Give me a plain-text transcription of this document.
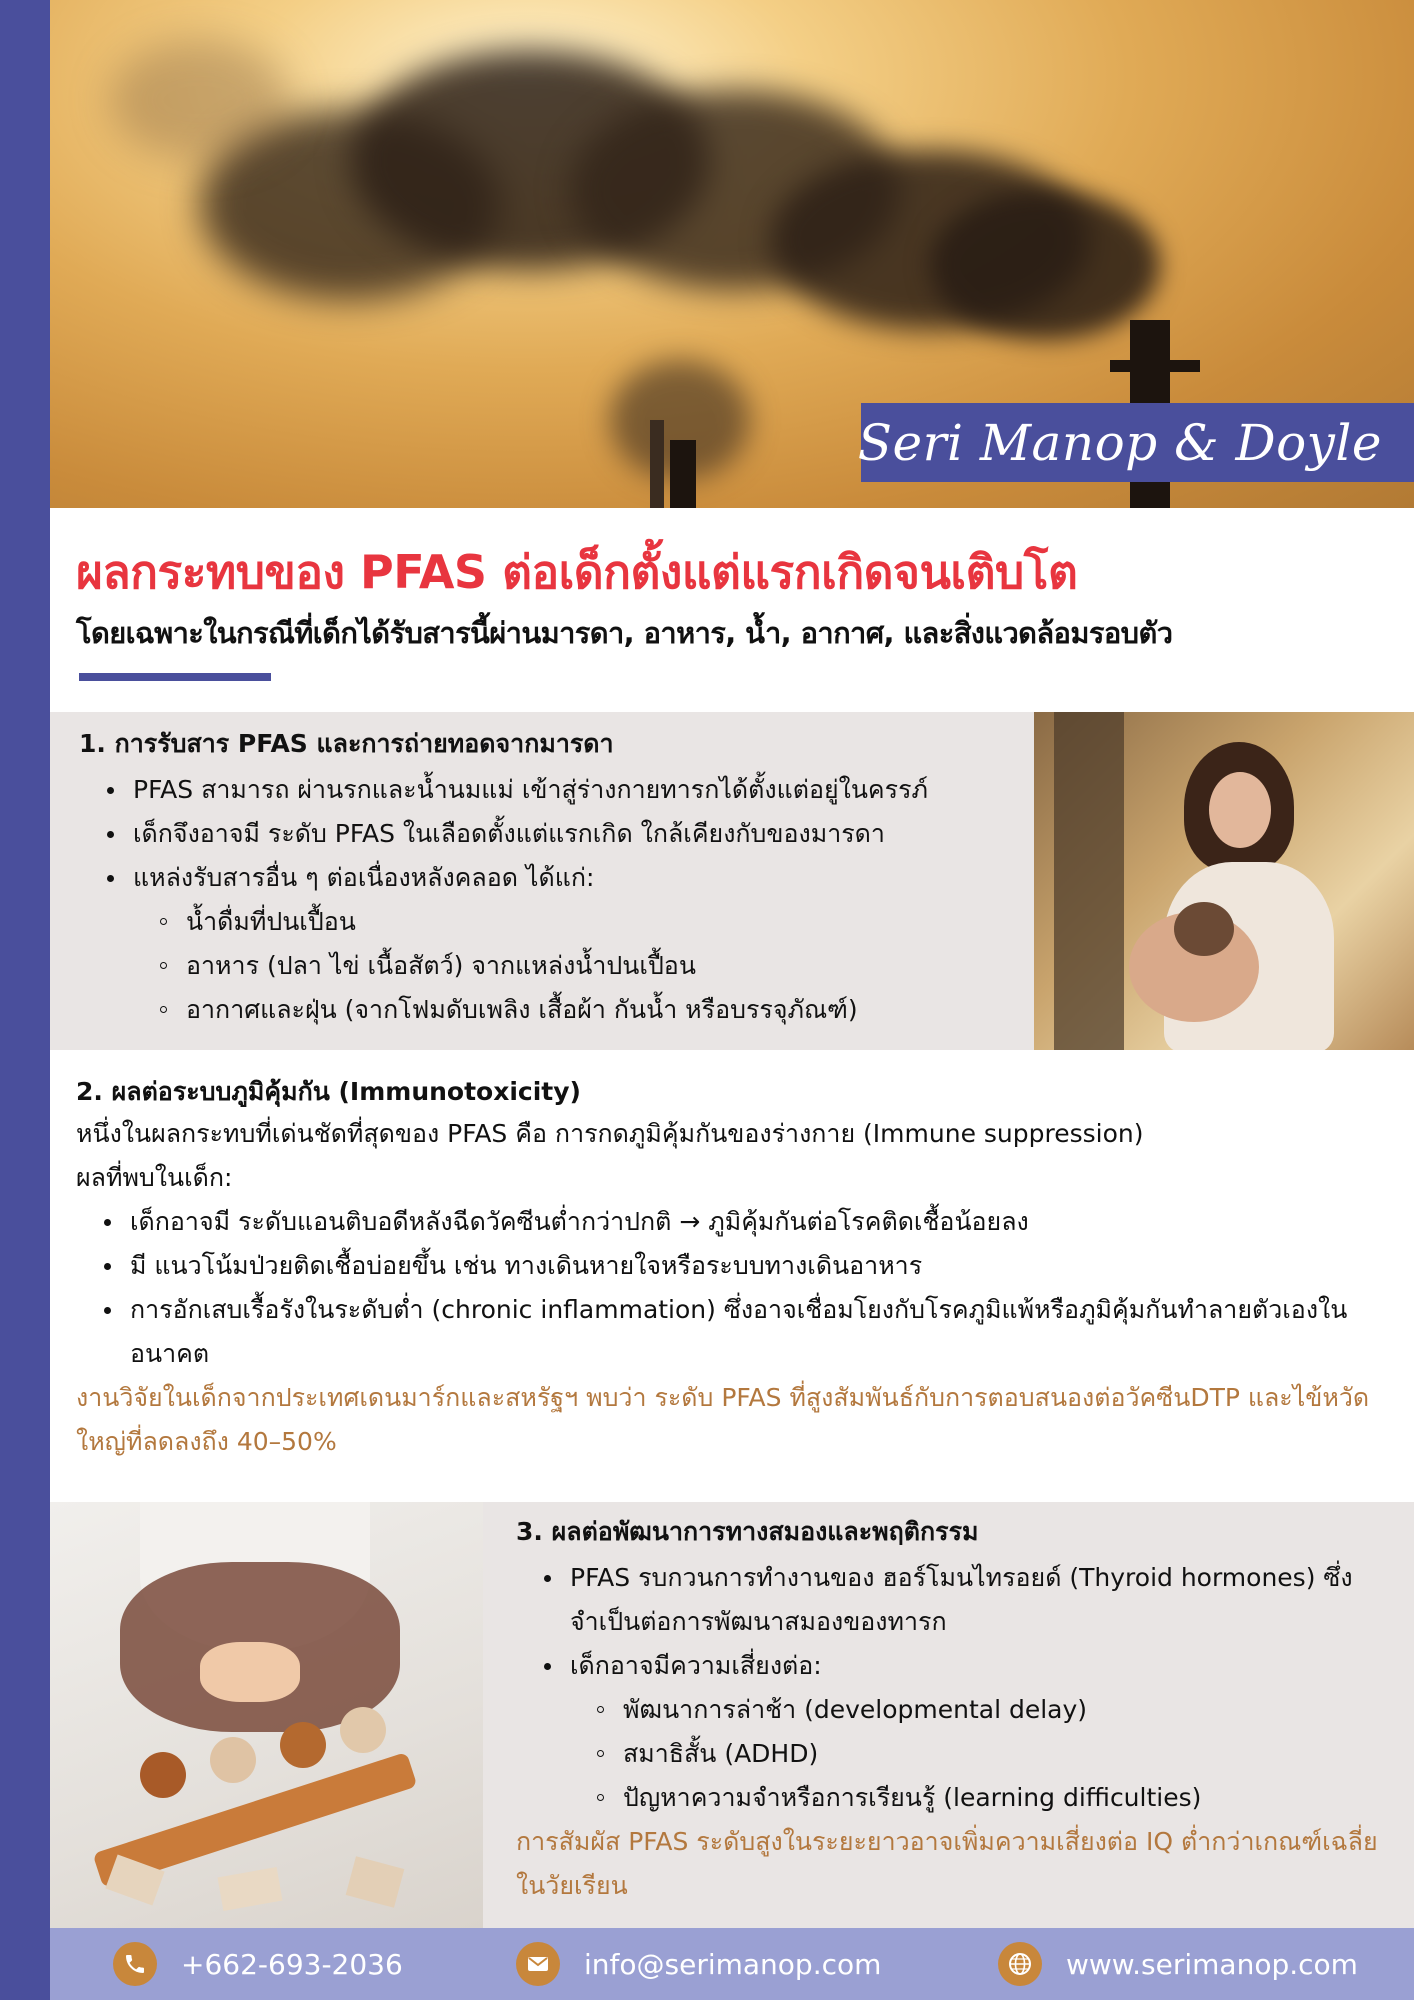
Seri Manop & Doyle
ผลกระทบของ PFAS ต่อเด็กตั้งแต่แรกเกิดจนเติบโต
โดยเฉพาะในกรณีที่เด็กได้รับสารนี้ผ่านมารดา, อาหาร, น้ำ, อากาศ, และสิ่งแวดล้อมรอบตัว

1. การรับสาร PFAS และการถ่ายทอดจากมารดา

PFAS สามารถ ผ่านรกและน้ำนมแม่ เข้าสู่ร่างกายทารกได้ตั้งแต่อยู่ในครรภ์
เด็กจึงอาจมี ระดับ PFAS ในเลือดตั้งแต่แรกเกิด ใกล้เคียงกับของมารดา
แหล่งรับสารอื่น ๆ ต่อเนื่องหลังคลอด ได้แก่:
น้ำดื่มที่ปนเปื้อน
อาหาร (ปลา ไข่ เนื้อสัตว์) จากแหล่งน้ำปนเปื้อน
อากาศและฝุ่น (จากโฟมดับเพลิง เสื้อผ้า กันน้ำ หรือบรรจุภัณฑ์)

2. ผลต่อระบบภูมิคุ้มกัน (Immunotoxicity)

หนึ่งในผลกระทบที่เด่นชัดที่สุดของ PFAS คือ การกดภูมิคุ้มกันของร่างกาย (Immune suppression)

ผลที่พบในเด็ก:

เด็กอาจมี ระดับแอนติบอดีหลังฉีดวัคซีนต่ำกว่าปกติ → ภูมิคุ้มกันต่อโรคติดเชื้อน้อยลง
มี แนวโน้มป่วยติดเชื้อบ่อยขึ้น เช่น ทางเดินหายใจหรือระบบทางเดินอาหาร
การอักเสบเรื้อรังในระดับต่ำ (chronic inflammation) ซึ่งอาจเชื่อมโยงกับโรคภูมิแพ้หรือภูมิคุ้มกันทำลายตัวเองในอนาคต

งานวิจัยในเด็กจากประเทศเดนมาร์กและสหรัฐฯ พบว่า ระดับ PFAS ที่สูงสัมพันธ์กับการตอบสนองต่อวัคซีนDTP และไข้หวัดใหญ่ที่ลดลงถึง 40–50%

3. ผลต่อพัฒนาการทางสมองและพฤติกรรม

PFAS รบกวนการทำงานของ ฮอร์โมนไทรอยด์ (Thyroid hormones) ซึ่งจำเป็นต่อการพัฒนาสมองของทารก
เด็กอาจมีความเสี่ยงต่อ:
พัฒนาการล่าช้า (developmental delay)
สมาธิสั้น (ADHD)
ปัญหาความจำหรือการเรียนรู้ (learning difficulties)

การสัมผัส PFAS ระดับสูงในระยะยาวอาจเพิ่มความเสี่ยงต่อ IQ ต่ำกว่าเกณฑ์เฉลี่ย ในวัยเรียน

+662-693-2036	info@serimanop.com	www.serimanop.com
